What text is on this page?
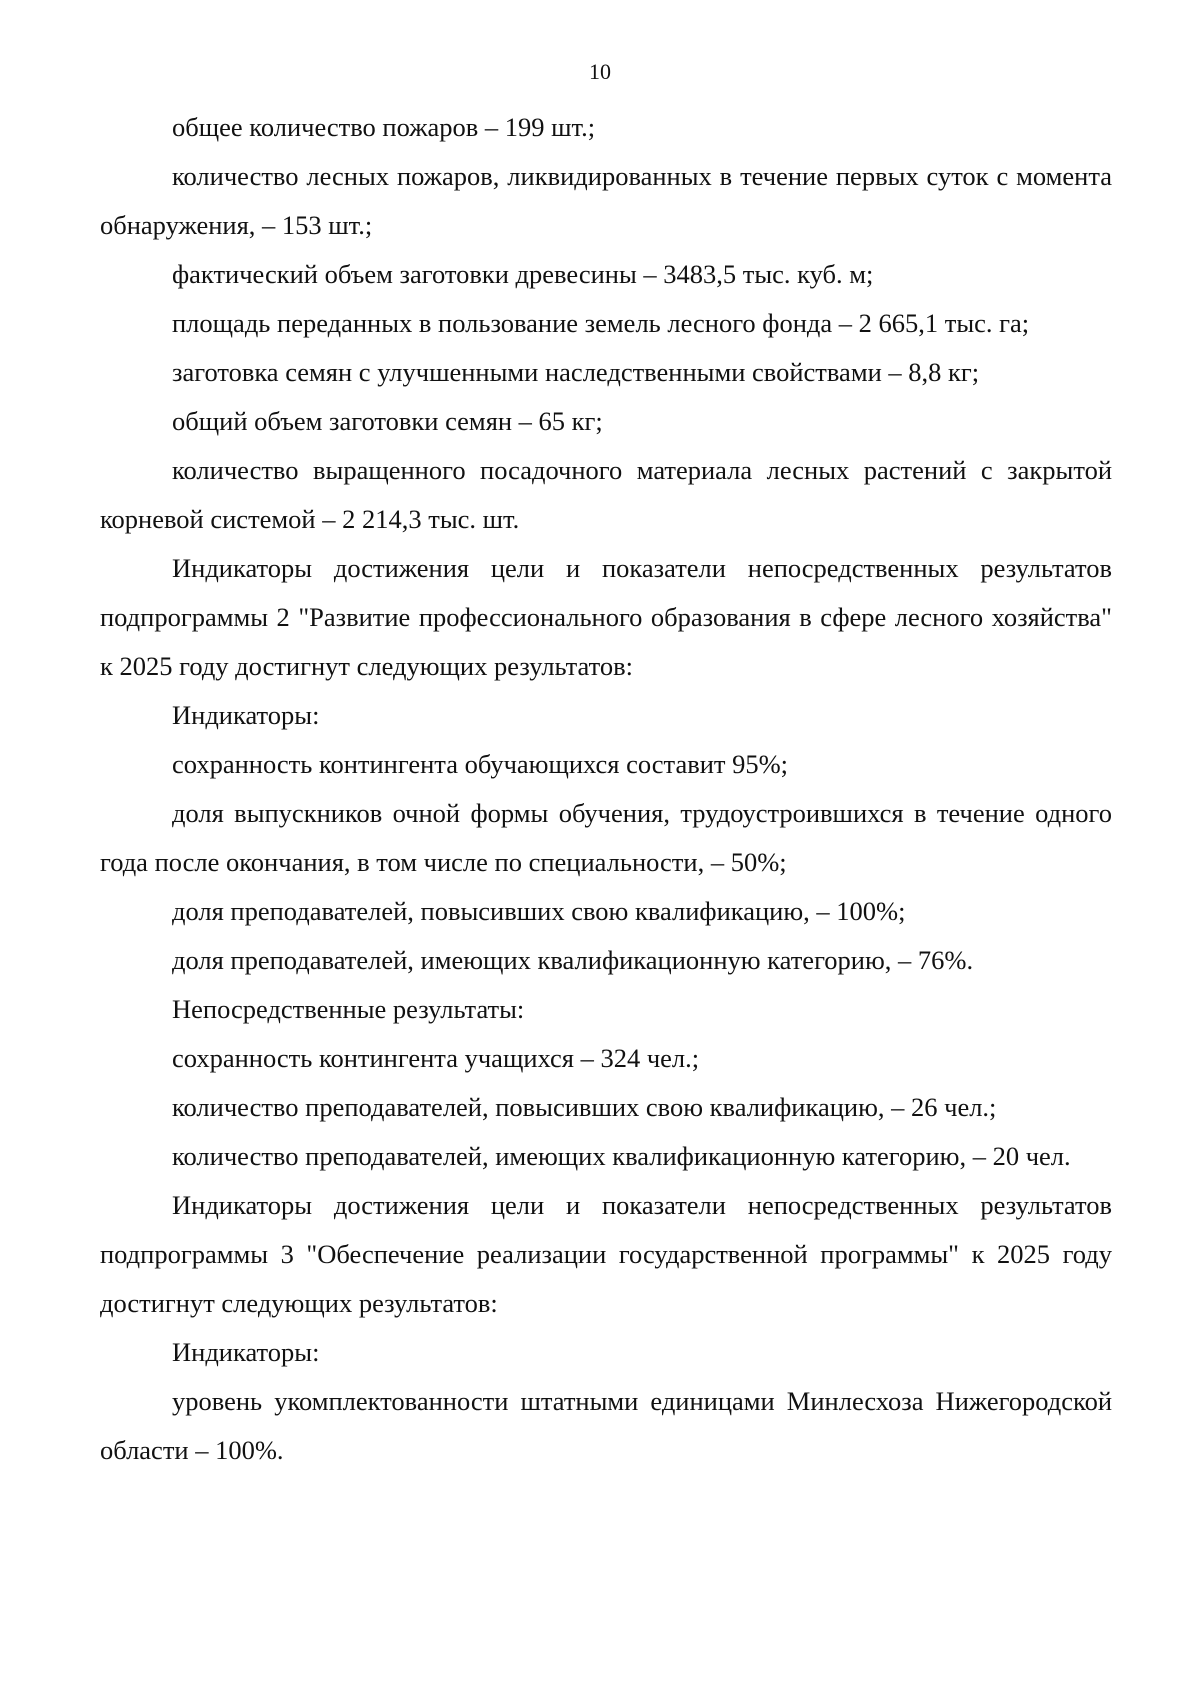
10

общее количество пожаров – 199 шт.;

количество лесных пожаров, ликвидированных в течение первых суток с момента обнаружения, – 153 шт.;

фактический объем заготовки древесины – 3483,5 тыс. куб. м;

площадь переданных в пользование земель лесного фонда – 2 665,1 тыс. га;

заготовка семян с улучшенными наследственными свойствами – 8,8 кг;

общий объем заготовки семян – 65 кг;

количество выращенного посадочного материала лесных растений с закрытой корневой системой – 2 214,3 тыс. шт.

Индикаторы достижения цели и показатели непосредственных результатов подпрограммы 2 "Развитие профессионального образования в сфере лесного хозяйства" к 2025 году достигнут следующих результатов:

Индикаторы:

сохранность контингента обучающихся составит 95%;

доля выпускников очной формы обучения, трудоустроившихся в течение одного года после окончания, в том числе по специальности, – 50%;

доля преподавателей, повысивших свою квалификацию, – 100%;

доля преподавателей, имеющих квалификационную категорию, – 76%.

Непосредственные результаты:

сохранность контингента учащихся – 324 чел.;

количество преподавателей, повысивших свою квалификацию, – 26 чел.;

количество преподавателей, имеющих квалификационную категорию, – 20 чел.

Индикаторы достижения цели и показатели непосредственных результатов подпрограммы 3 "Обеспечение реализации государственной программы" к 2025 году достигнут следующих результатов:

Индикаторы:

уровень укомплектованности штатными единицами Минлесхоза Нижегородской области – 100%.
